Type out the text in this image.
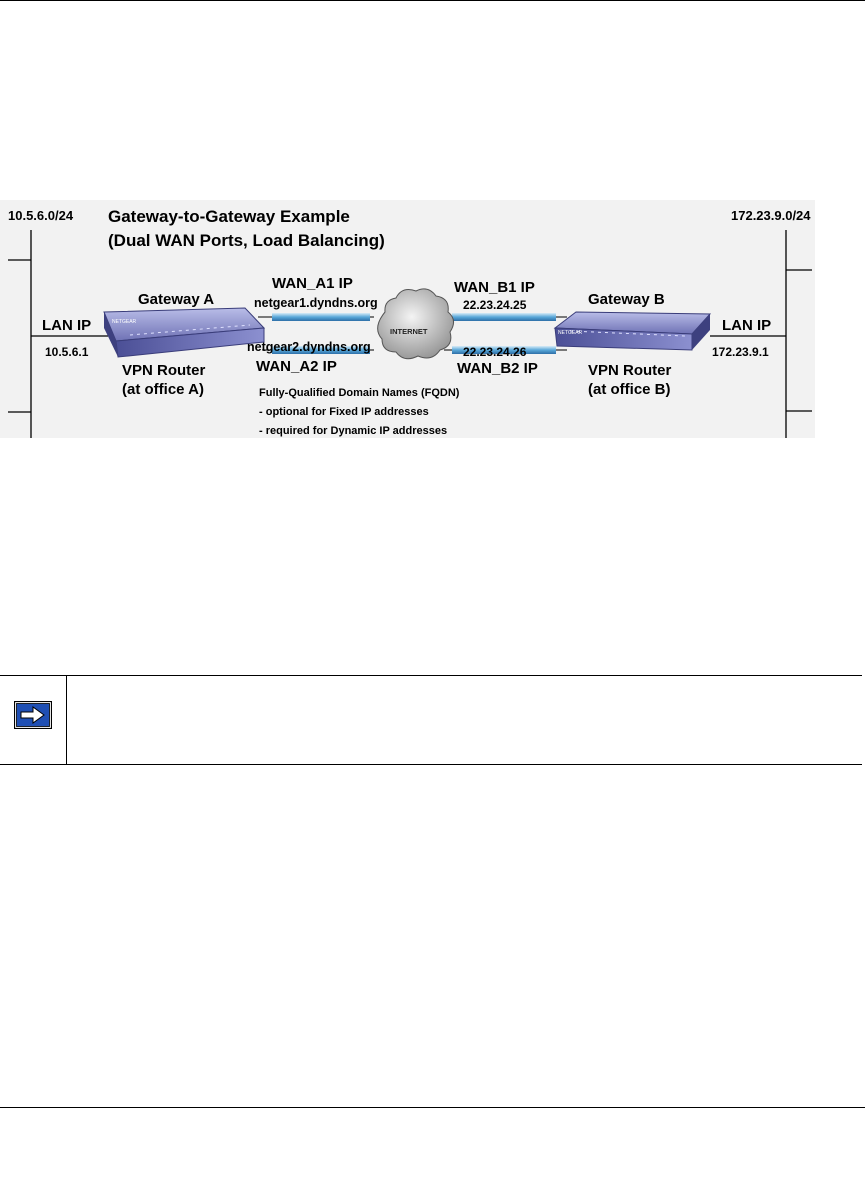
10.5.6.0/24	172.23.9.0/24
Gateway-to-Gateway Example
(Dual WAN Ports, Load Balancing)
NETGEAR
NETGEAR
INTERNET
Gateway A
LAN IP
10.5.6.1
VPN Router
(at office A)
Gateway B
LAN IP
172.23.9.1
VPN Router
(at office B)
WAN_A1 IP
netgear1.dyndns.org
netgear2.dyndns.org
WAN_A2 IP
WAN_B1 IP
22.23.24.25
22.23.24.26
WAN_B2 IP
Fully-Qualified Domain Names (FQDN)
- optional for Fixed IP addresses
- required for Dynamic IP addresses
